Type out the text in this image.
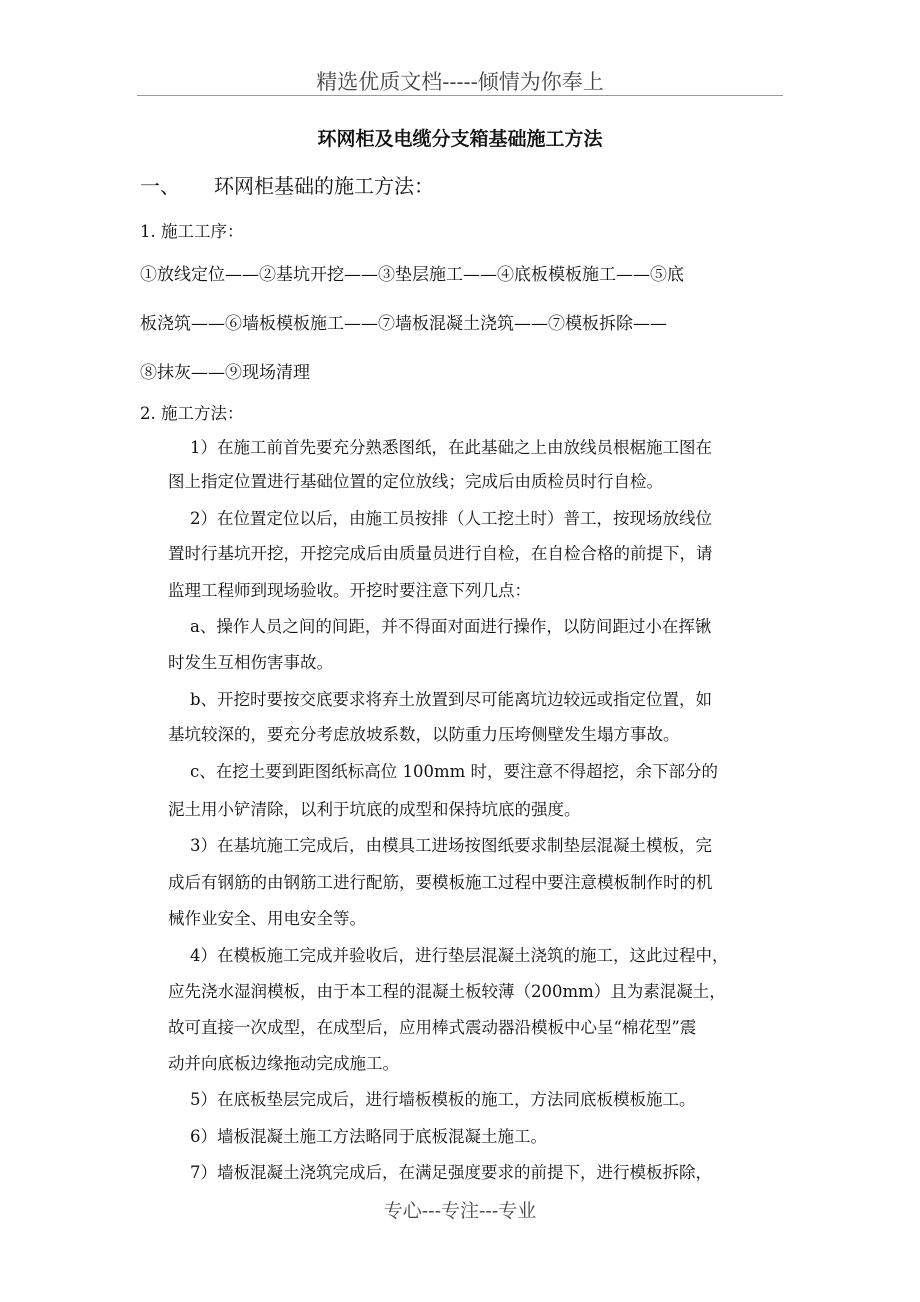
精选优质文档-----倾情为你奉上
环网柜及电缆分支箱基础施工方法
一、 环网柜基础的施工方法：
1. 施工工序：
①放线定位——②基坑开挖——③垫层施工——④底板模板施工——⑤底
板浇筑——⑥墙板模板施工——⑦墙板混凝土浇筑——⑦模板拆除——
⑧抹灰——⑨现场清理
2. 施工方法：
1）在施工前首先要充分熟悉图纸，在此基础之上由放线员根椐施工图在
图上指定位置进行基础位置的定位放线；完成后由质检员时行自检。
2）在位置定位以后，由施工员按排（人工挖土时）普工，按现场放线位
置时行基坑开挖，开挖完成后由质量员进行自检，在自检合格的前提下，请
监理工程师到现场验收。开挖时要注意下列几点：
a、操作人员之间的间距，并不得面对面进行操作，以防间距过小在挥锹
时发生互相伤害事故。
b、开挖时要按交底要求将弃土放置到尽可能离坑边较远或指定位置，如
基坑较深的，要充分考虑放坡系数，以防重力压垮侧壁发生塌方事故。
c、在挖土要到距图纸标高位 100mm 时，要注意不得超挖，余下部分的
泥土用小铲清除，以利于坑底的成型和保持坑底的强度。
3）在基坑施工完成后，由模具工进场按图纸要求制垫层混凝土模板，完
成后有钢筋的由钢筋工进行配筋，要模板施工过程中要注意模板制作时的机
械作业安全、用电安全等。
4）在模板施工完成并验收后，进行垫层混凝土浇筑的施工，这此过程中，
应先浇水湿润模板，由于本工程的混凝土板较薄（200mm）且为素混凝土，
故可直接一次成型，在成型后，应用棒式震动器沿模板中心呈“棉花型”震
动并向底板边缘拖动完成施工。
5）在底板垫层完成后，进行墙板模板的施工，方法同底板模板施工。
6）墙板混凝土施工方法略同于底板混凝土施工。
7）墙板混凝土浇筑完成后，在满足强度要求的前提下，进行模板拆除，
专心---专注---专业
